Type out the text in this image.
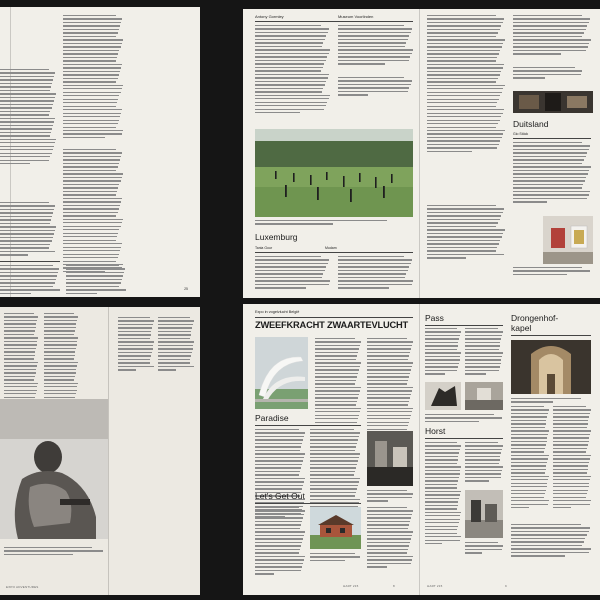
25
Antony Gormley	Museum Voorlinden
Luxemburg
Tania Gour	Mudam
Duitsland
Gio Stöck
EXPO ADVENTURES
Expo in vogelvlucht België
ZWEEFKRACHT ZWAARTEVLUCHT
Paradise
Let's Get Out
HART 215	8
Pass
Horst
Drongenhof-
kapel
HART 215	9
